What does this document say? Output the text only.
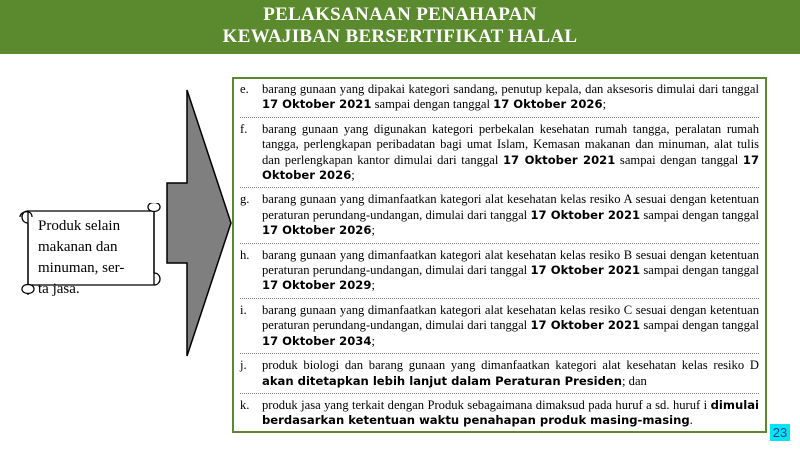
PELAKSANAAN PENAHAPAN
KEWAJIBAN BERSERTIFIKAT HALAL
Produk selain
makanan dan
minuman, ser-
ta jasa.
e.	barang gunaan yang dipakai kategori sandang, penutup kepala, dan aksesoris dimulai dari tanggal 17 Oktober 2021 sampai dengan tanggal 17 Oktober 2026;
f.	barang gunaan yang digunakan kategori perbekalan kesehatan rumah tangga, peralatan rumah tangga, perlengkapan peribadatan bagi umat Islam, Kemasan makanan dan minuman, alat tulis dan perlengkapan kantor dimulai dari tanggal 17 Oktober 2021 sampai dengan tanggal 17 Oktober 2026;
g. barang gunaan yang dimanfaatkan kategori alat kesehatan kelas resiko A sesuai dengan ketentuan peraturan perundang-undangan, dimulai dari tanggal 17 Oktober 2021 sampai dengan tanggal 17 Oktober 2026;
h. barang gunaan yang dimanfaatkan kategori alat kesehatan kelas resiko B sesuai dengan ketentuan peraturan perundang-undangan, dimulai dari tanggal 17 Oktober 2021 sampai dengan tanggal 17 Oktober 2029;
i.	barang gunaan yang dimanfaatkan kategori alat kesehatan kelas resiko C sesuai dengan ketentuan peraturan perundang-undangan, dimulai dari tanggal 17 Oktober 2021 sampai dengan tanggal 17 Oktober 2034;
j.	produk biologi dan barang gunaan yang dimanfaatkan kategori alat kesehatan kelas resiko D akan ditetapkan lebih lanjut dalam Peraturan Presiden; dan
k. produk jasa yang terkait dengan Produk sebagaimana dimaksud pada huruf a sd. huruf i dimulai berdasarkan ketentuan waktu penahapan produk masing-masing.
23
